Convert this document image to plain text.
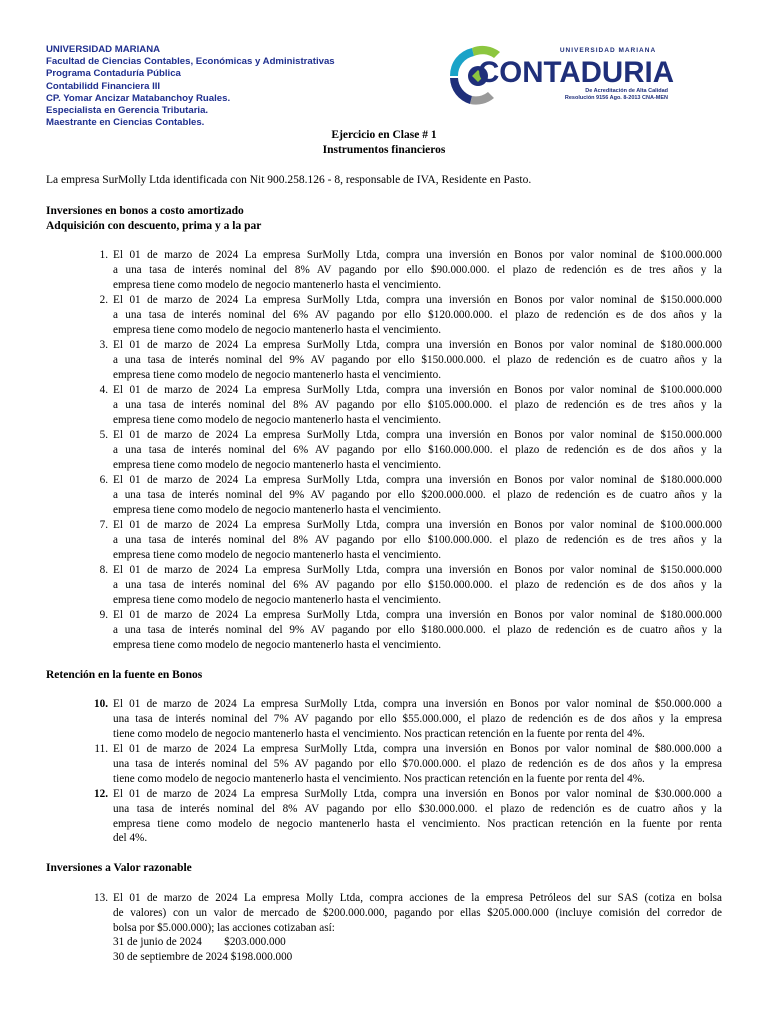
UNIVERSIDAD MARIANA
Facultad de Ciencias Contables, Económicas y Administrativas
Programa Contaduría Pública
Contabilidd Financiera III
CP. Yomar Ancizar Matabanchoy Ruales.
Especialista en Gerencia Tributaria.
Maestrante en Ciencias Contables.
UNIVERSIDAD MARIANA
CONTADURIA
De Acreditación de Alta Calidad
Resolución 9156 Ago. 8-2013 CNA-MEN
Ejercicio en Clase # 1
Instrumentos financieros
La empresa SurMolly Ltda identificada con Nit 900.258.126 - 8, responsable de IVA, Residente en Pasto.
Inversiones en bonos a costo amortizado
Adquisición con descuento, prima y a la par
1. El 01 de marzo de 2024 La empresa SurMolly Ltda, compra una inversión en Bonos por valor nominal de $100.000.000
a una tasa de interés nominal del 8% AV pagando por ello $90.000.000. el plazo de redención es de tres años y la
empresa tiene como modelo de negocio mantenerlo hasta el vencimiento.
2. El 01 de marzo de 2024 La empresa SurMolly Ltda, compra una inversión en Bonos por valor nominal de $150.000.000
a una tasa de interés nominal del 6% AV pagando por ello $120.000.000. el plazo de redención es de dos años y la
empresa tiene como modelo de negocio mantenerlo hasta el vencimiento.
3. El 01 de marzo de 2024 La empresa SurMolly Ltda, compra una inversión en Bonos por valor nominal de $180.000.000
a una tasa de interés nominal del 9% AV pagando por ello $150.000.000. el plazo de redención es de cuatro años y la
empresa tiene como modelo de negocio mantenerlo hasta el vencimiento.
4. El 01 de marzo de 2024 La empresa SurMolly Ltda, compra una inversión en Bonos por valor nominal de $100.000.000
a una tasa de interés nominal del 8% AV pagando por ello $105.000.000. el plazo de redención es de tres años y la
empresa tiene como modelo de negocio mantenerlo hasta el vencimiento.
5. El 01 de marzo de 2024 La empresa SurMolly Ltda, compra una inversión en Bonos por valor nominal de $150.000.000
a una tasa de interés nominal del 6% AV pagando por ello $160.000.000. el plazo de redención es de dos años y la
empresa tiene como modelo de negocio mantenerlo hasta el vencimiento.
6. El 01 de marzo de 2024 La empresa SurMolly Ltda, compra una inversión en Bonos por valor nominal de $180.000.000
a una tasa de interés nominal del 9% AV pagando por ello $200.000.000. el plazo de redención es de cuatro años y la
empresa tiene como modelo de negocio mantenerlo hasta el vencimiento.
7. El 01 de marzo de 2024 La empresa SurMolly Ltda, compra una inversión en Bonos por valor nominal de $100.000.000
a una tasa de interés nominal del 8% AV pagando por ello $100.000.000. el plazo de redención es de tres años y la
empresa tiene como modelo de negocio mantenerlo hasta el vencimiento.
8. El 01 de marzo de 2024 La empresa SurMolly Ltda, compra una inversión en Bonos por valor nominal de $150.000.000
a una tasa de interés nominal del 6% AV pagando por ello $150.000.000. el plazo de redención es de dos años y la
empresa tiene como modelo de negocio mantenerlo hasta el vencimiento.
9. El 01 de marzo de 2024 La empresa SurMolly Ltda, compra una inversión en Bonos por valor nominal de $180.000.000
a una tasa de interés nominal del 9% AV pagando por ello $180.000.000. el plazo de redención es de cuatro años y la
empresa tiene como modelo de negocio mantenerlo hasta el vencimiento.
Retención en la fuente en Bonos
10. El 01 de marzo de 2024 La empresa SurMolly Ltda, compra una inversión en Bonos por valor nominal de $50.000.000 a
una tasa de interés nominal del 7% AV pagando por ello $55.000.000, el plazo de redención es de dos años y la empresa
tiene como modelo de negocio mantenerlo hasta el vencimiento. Nos practican retención en la fuente por renta del 4%.
11. El 01 de marzo de 2024 La empresa SurMolly Ltda, compra una inversión en Bonos por valor nominal de $80.000.000 a
una tasa de interés nominal del 5% AV pagando por ello $70.000.000. el plazo de redención es de dos años y la empresa
tiene como modelo de negocio mantenerlo hasta el vencimiento. Nos practican retención en la fuente por renta del 4%.
12. El 01 de marzo de 2024 La empresa SurMolly Ltda, compra una inversión en Bonos por valor nominal de $30.000.000 a
una tasa de interés nominal del 8% AV pagando por ello $30.000.000. el plazo de redención es de cuatro años y la
empresa tiene como modelo de negocio mantenerlo hasta el vencimiento. Nos practican retención en la fuente por renta
del 4%.
Inversiones a Valor razonable
13. El 01 de marzo de 2024 La empresa Molly Ltda, compra acciones de la empresa Petróleos del sur SAS (cotiza en bolsa
de valores) con un valor de mercado de $200.000.000, pagando por ellas $205.000.000 (incluye comisión del corredor de
bolsa por $5.000.000); las acciones cotizaban así:
31 de junio de 2024        $203.000.000
30 de septiembre de 2024 $198.000.000
